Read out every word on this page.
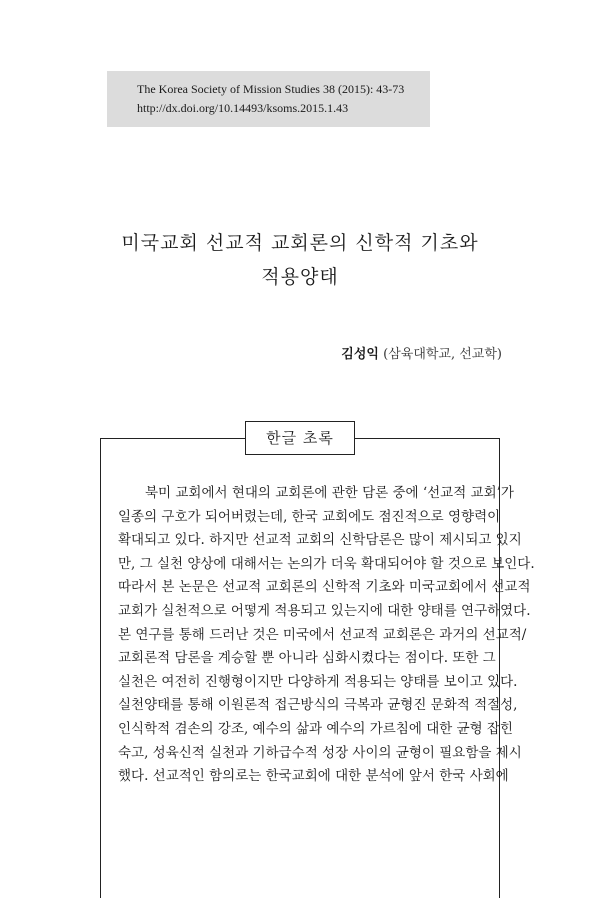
The Korea Society of Mission Studies 38 (2015): 43-73
http://dx.doi.org/10.14493/ksoms.2015.1.43
미국교회 선교적 교회론의 신학적 기초와
적용양태
김성익 (삼육대학교, 선교학)
한글 초록
북미 교회에서 현대의 교회론에 관한 담론 중에 ‘선교적 교회’가
일종의 구호가 되어버렸는데, 한국 교회에도 점진적으로 영향력이
확대되고 있다. 하지만 선교적 교회의 신학담론은 많이 제시되고 있지
만, 그 실천 양상에 대해서는 논의가 더욱 확대되어야 할 것으로 보인다.
따라서 본 논문은 선교적 교회론의 신학적 기초와 미국교회에서 선교적
교회가 실천적으로 어떻게 적용되고 있는지에 대한 양태를 연구하였다.
본 연구를 통해 드러난 것은 미국에서 선교적 교회론은 과거의 선교적/
교회론적 담론을 계승할 뿐 아니라 심화시켰다는 점이다. 또한 그
실천은 여전히 진행형이지만 다양하게 적용되는 양태를 보이고 있다.
실천양태를 통해 이원론적 접근방식의 극복과 균형진 문화적 적절성,
인식학적 겸손의 강조, 예수의 삶과 예수의 가르침에 대한 균형 잡힌
숙고, 성육신적 실천과 기하급수적 성장 사이의 균형이 필요함을 제시
했다. 선교적인 함의로는 한국교회에 대한 분석에 앞서 한국 사회에
